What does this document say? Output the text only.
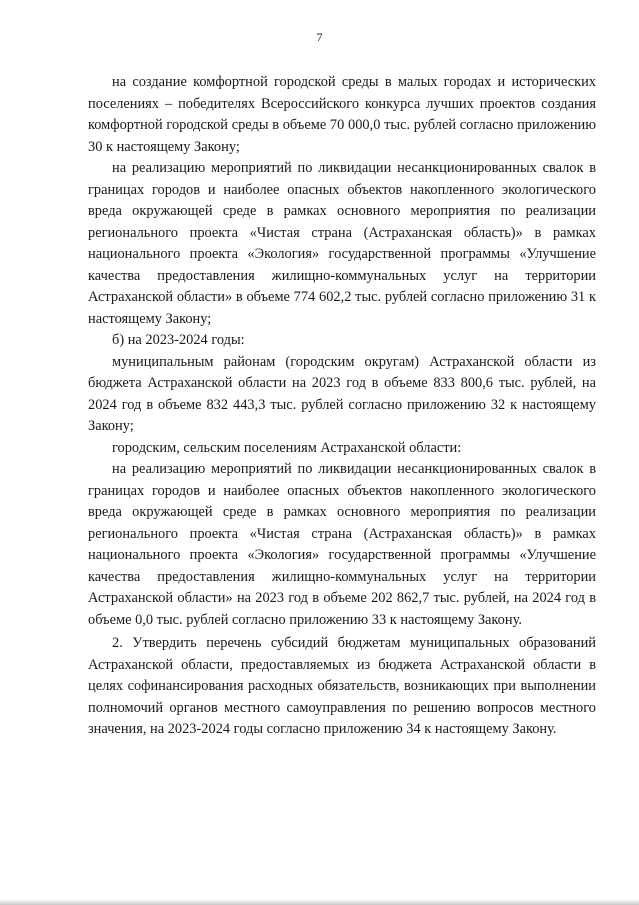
7

на создание комфортной городской среды в малых городах и исторических поселениях – победителях Всероссийского конкурса лучших проектов создания комфортной городской среды в объеме 70 000,0 тыс. рублей согласно приложению 30 к настоящему Закону;

на реализацию мероприятий по ликвидации несанкционированных свалок в границах городов и наиболее опасных объектов накопленного экологического вреда окружающей среде в рамках основного мероприятия по реализации регионального проекта «Чистая страна (Астраханская область)» в рамках национального проекта «Экология» государственной программы «Улучшение качества предоставления жилищно-коммунальных услуг на территории Астраханской области» в объеме 774 602,2 тыс. рублей согласно приложению 31 к настоящему Закону;

б) на 2023-2024 годы:

муниципальным районам (городским округам) Астраханской области из бюджета Астраханской области на 2023 год в объеме 833 800,6 тыс. рублей, на 2024 год в объеме 832 443,3 тыс. рублей согласно приложению 32 к настоящему Закону;

городским, сельским поселениям Астраханской области:

на реализацию мероприятий по ликвидации несанкционированных свалок в границах городов и наиболее опасных объектов накопленного экологического вреда окружающей среде в рамках основного мероприятия по реализации регионального проекта «Чистая страна (Астраханская область)» в рамках национального проекта «Экология» государственной программы «Улучшение качества предоставления жилищно-коммунальных услуг на территории Астраханской области» на 2023 год в объеме 202 862,7 тыс. рублей, на 2024 год в объеме 0,0 тыс. рублей согласно приложению 33 к настоящему Закону.

2. Утвердить перечень субсидий бюджетам муниципальных образований Астраханской области, предоставляемых из бюджета Астраханской области в целях софинансирования расходных обязательств, возникающих при выполнении полномочий органов местного самоуправления по решению вопросов местного значения, на 2023-2024 годы согласно приложению 34 к настоящему Закону.
